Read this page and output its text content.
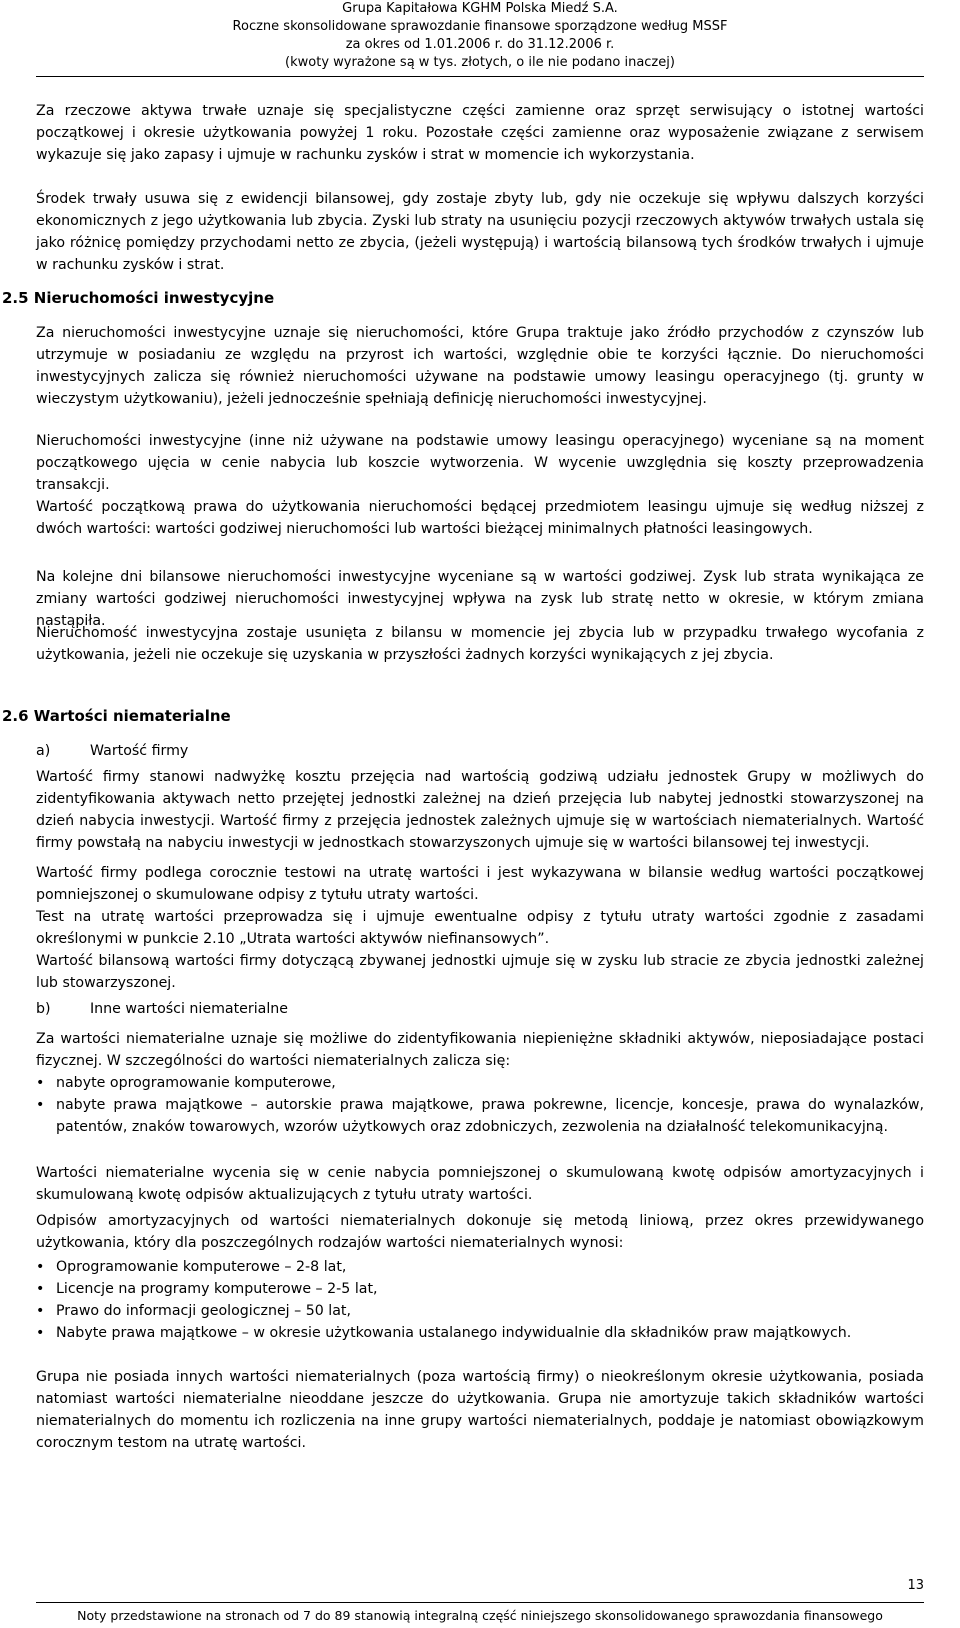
Grupa Kapitałowa KGHM Polska Miedź S.A.
Roczne skonsolidowane sprawozdanie finansowe sporządzone według MSSF
za okres od 1.01.2006 r. do 31.12.2006 r.
(kwoty wyrażone są w tys. złotych, o ile nie podano inaczej)
Za rzeczowe aktywa trwałe uznaje się specjalistyczne części zamienne oraz sprzęt serwisujący o istotnej wartości początkowej i okresie użytkowania powyżej 1 roku. Pozostałe części zamienne oraz wyposażenie związane z serwisem wykazuje się jako zapasy i ujmuje w rachunku zysków i strat w momencie ich wykorzystania.
Środek trwały usuwa się z ewidencji bilansowej, gdy zostaje zbyty lub, gdy nie oczekuje się wpływu dalszych korzyści ekonomicznych z jego użytkowania lub zbycia. Zyski lub straty na usunięciu pozycji rzeczowych aktywów trwałych ustala się jako różnicę pomiędzy przychodami netto ze zbycia, (jeżeli występują) i wartością bilansową tych środków trwałych i ujmuje w rachunku zysków i strat.
2.5 Nieruchomości inwestycyjne
Za nieruchomości inwestycyjne uznaje się nieruchomości, które Grupa traktuje jako źródło przychodów z czynszów lub utrzymuje w posiadaniu ze względu na przyrost ich wartości, względnie obie te korzyści łącznie. Do nieruchomości inwestycyjnych zalicza się również nieruchomości używane na podstawie umowy leasingu operacyjnego (tj. grunty w wieczystym użytkowaniu), jeżeli jednocześnie spełniają definicję nieruchomości inwestycyjnej.
Nieruchomości inwestycyjne (inne niż używane na podstawie umowy leasingu operacyjnego) wyceniane są na moment początkowego ujęcia w cenie nabycia lub koszcie wytworzenia. W wycenie uwzględnia się koszty przeprowadzenia transakcji.
Wartość początkową prawa do użytkowania nieruchomości będącej przedmiotem leasingu ujmuje się według niższej z dwóch wartości: wartości godziwej nieruchomości lub wartości bieżącej minimalnych płatności leasingowych.
Na kolejne dni bilansowe nieruchomości inwestycyjne wyceniane są w wartości godziwej. Zysk lub strata wynikająca ze zmiany wartości godziwej nieruchomości inwestycyjnej wpływa na zysk lub stratę netto w okresie, w którym zmiana nastąpiła.
Nieruchomość inwestycyjna zostaje usunięta z bilansu w momencie jej zbycia lub w przypadku trwałego wycofania z użytkowania, jeżeli nie oczekuje się uzyskania w przyszłości żadnych korzyści wynikających z jej zbycia.
2.6 Wartości niematerialne
a)	Wartość firmy
Wartość firmy stanowi nadwyżkę kosztu przejęcia nad wartością godziwą udziału jednostek Grupy w możliwych do zidentyfikowania aktywach netto przejętej jednostki zależnej na dzień przejęcia lub nabytej jednostki stowarzyszonej na dzień nabycia inwestycji. Wartość firmy z przejęcia jednostek zależnych ujmuje się w wartościach niematerialnych. Wartość firmy powstałą na nabyciu inwestycji w jednostkach stowarzyszonych ujmuje się w wartości bilansowej tej inwestycji.
Wartość firmy podlega corocznie testowi na utratę wartości i jest wykazywana w bilansie według wartości początkowej pomniejszonej o skumulowane odpisy z tytułu utraty wartości.
Test na utratę wartości przeprowadza się i ujmuje ewentualne odpisy z tytułu utraty wartości zgodnie z zasadami określonymi w punkcie 2.10 „Utrata wartości aktywów niefinansowych”.
Wartość bilansową wartości firmy dotyczącą zbywanej jednostki ujmuje się w zysku lub stracie ze zbycia jednostki zależnej lub stowarzyszonej.
b)	Inne wartości niematerialne
Za wartości niematerialne uznaje się możliwe do zidentyfikowania niepieniężne składniki aktywów, nieposiadające postaci fizycznej. W szczególności do wartości niematerialnych zalicza się:
• nabyte oprogramowanie komputerowe,
• nabyte prawa majątkowe – autorskie prawa majątkowe, prawa pokrewne, licencje, koncesje, prawa do wynalazków, patentów, znaków towarowych, wzorów użytkowych oraz zdobniczych, zezwolenia na działalność telekomunikacyjną.
Wartości niematerialne wycenia się w cenie nabycia pomniejszonej o skumulowaną kwotę odpisów amortyzacyjnych i skumulowaną kwotę odpisów aktualizujących z tytułu utraty wartości.
Odpisów amortyzacyjnych od wartości niematerialnych dokonuje się metodą liniową, przez okres przewidywanego użytkowania, który dla poszczególnych rodzajów wartości niematerialnych wynosi:
• Oprogramowanie komputerowe – 2-8 lat,
• Licencje na programy komputerowe – 2-5 lat,
• Prawo do informacji geologicznej – 50 lat,
• Nabyte prawa majątkowe – w okresie użytkowania ustalanego indywidualnie dla składników praw majątkowych.
Grupa nie posiada innych wartości niematerialnych (poza wartością firmy) o nieokreślonym okresie użytkowania, posiada natomiast wartości niematerialne nieoddane jeszcze do użytkowania. Grupa nie amortyzuje takich składników wartości niematerialnych do momentu ich rozliczenia na inne grupy wartości niematerialnych, poddaje je natomiast obowiązkowym corocznym testom na utratę wartości.
13
Noty przedstawione na stronach od 7 do 89 stanowią integralną część niniejszego skonsolidowanego sprawozdania finansowego
